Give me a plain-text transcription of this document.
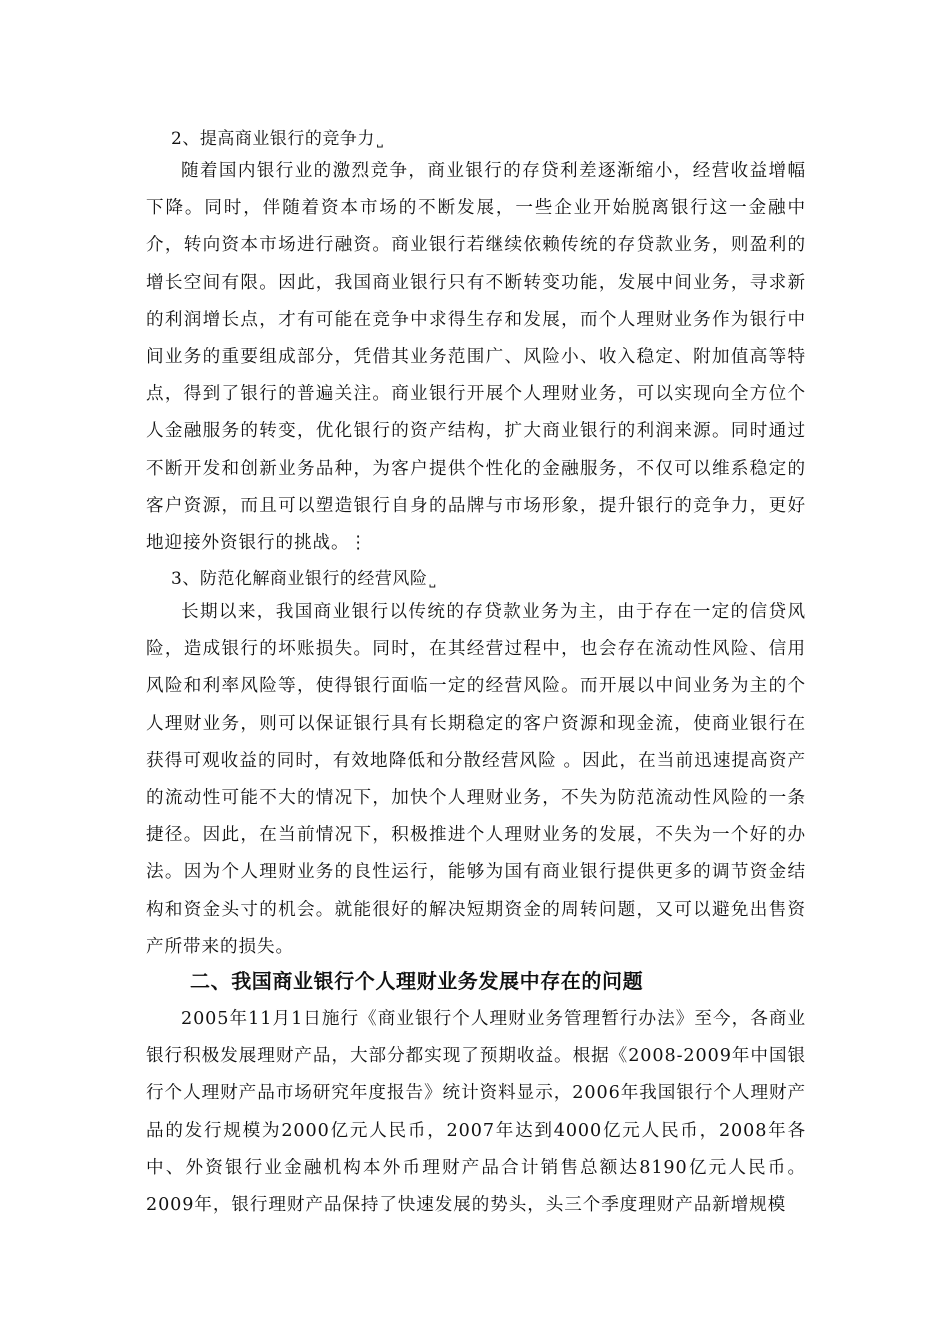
2、提高商业银行的竞争力 ⎵

随着国内银行业的激烈竞争，商业银行的存贷利差逐渐缩小，经营收益增幅下降。同时，伴随着资本市场的不断发展，一些企业开始脱离银行这一金融中介，转向资本市场进行融资。商业银行若继续依赖传统的存贷款业务，则盈利的增长空间有限。因此，我国商业银行只有不断转变功能，发展中间业务，寻求新的利润增长点，才有可能在竞争中求得生存和发展，而个人理财业务作为银行中间业务的重要组成部分，凭借其业务范围广、风险小、收入稳定、附加值高等特点，得到了银行的普遍关注。商业银行开展个人理财业务，可以实现向全方位个人金融服务的转变，优化银行的资产结构，扩大商业银行的利润来源。同时通过不断开发和创新业务品种，为客户提供个性化的金融服务，不仅可以维系稳定的客户资源，而且可以塑造银行自身的品牌与市场形象，提升银行的竞争力，更好地迎接外资银行的挑战。⋮

3、防范化解商业银行的经营风险 ⎵

长期以来，我国商业银行以传统的存贷款业务为主，由于存在一定的信贷风险，造成银行的坏账损失。同时，在其经营过程中，也会存在流动性风险、信用风险和利率风险等，使得银行面临一定的经营风险。而开展以中间业务为主的个人理财业务，则可以保证银行具有长期稳定的客户资源和现金流，使商业银行在获得可观收益的同时，有效地降低和分散经营风险 。因此，在当前迅速提高资产的流动性可能不大的情况下，加快个人理财业务，不失为防范流动性风险的一条捷径。因此，在当前情况下，积极推进个人理财业务的发展，不失为一个好的办法。因为个人理财业务的良性运行，能够为国有商业银行提供更多的调节资金结构和资金头寸的机会。就能很好的解决短期资金的周转问题，又可以避免出售资产所带来的损失。

二、我国商业银行个人理财业务发展中存在的问题

2005年11月1日施行《商业银行个人理财业务管理暂行办法》至今，各商业银行积极发展理财产品，大部分都实现了预期收益。根据《2008-2009年中国银行个人理财产品市场研究年度报告》统计资料显示，2006年我国银行个人理财产品的发行规模为2000亿元人民币，2007年达到4000亿元人民币，2008年各中、外资银行业金融机构本外币理财产品合计销售总额达8190亿元人民币。2009年，银行理财产品保持了快速发展的势头，头三个季度理财产品新增规模
